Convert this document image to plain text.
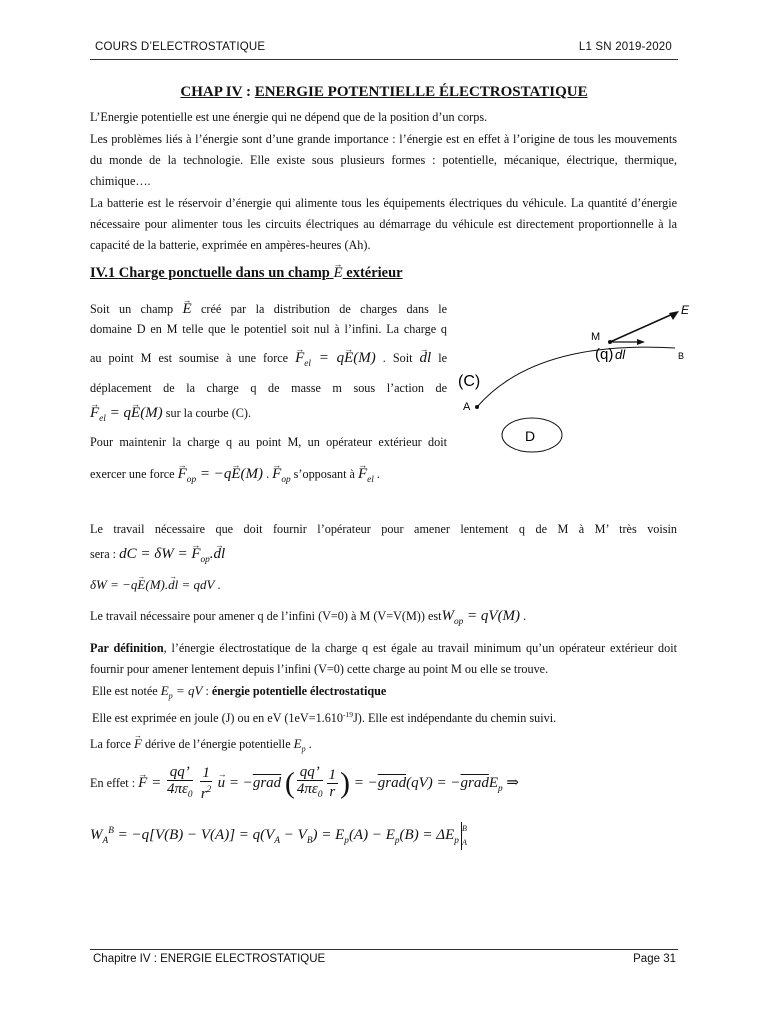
COURS D’ELECTROSTATIQUE	L1 SN 2019-2020
CHAP IV : ENERGIE POTENTIELLE ÉLECTROSTATIQUE
L’Energie potentielle est une énergie qui ne dépend que de la position d’un corps.
Les problèmes liés à l’énergie sont d’une grande importance : l’énergie est en effet à l’origine de tous les mouvements du monde de la technologie. Elle existe sous plusieurs formes : potentielle, mécanique, électrique, thermique, chimique….
La batterie est le réservoir d’énergie qui alimente tous les équipements électriques du véhicule. La quantité d’énergie nécessaire pour alimenter tous les circuits électriques au démarrage du véhicule est directement proportionnelle à la capacité de la batterie, exprimée en ampères-heures (Ah).
IV.1 Charge ponctuelle dans un champ → E extérieur
Soit un champ → E créé par la distribution de charges dans le
domaine D en M telle que le potentiel soit nul à l’infini. La charge q
au point M est soumise à une force → $F_{el} = q\to E(M)$ . Soit → dl le
déplacement de la charge q de masse m sous l’action de
→ $F_{el} = q\to E(M)$ sur la courbe (C).
Pour maintenir la charge q au point M, un opérateur extérieur doit
exercer une force → $F_{op} = -q\to E(M)$ . → $F_{op}$ s’opposant à → $F_{el}$ .
M
(q) dl	B
E
(C)
A
D
Le travail nécessaire que doit fournir l’opérateur pour amener lentement q de M à M’ très voisin
sera : dC = δW = → $F_{op}.\to$ dl
δW = −q→ E(M).→ dl = qdV .
Le travail nécessaire pour amener q de l’infini (V=0) à M (V=V(M)) estW$_{op}$ = qV(M) .
Par définition, l’énergie électrostatique de la charge q est égale au travail minimum qu’un opérateur extérieur doit fournir pour amener lentement depuis l’infini (V=0) cette charge au point M ou elle se trouve.
Elle est notée $E_p$ = qV : énergie potentielle électrostatique
Elle est exprimée en joule (J) ou en eV $(1eV=1.610^{-19}J)$. Elle est indépendante du chemin suivi.
La force → F dérive de l’énergie potentielle $E_p$ .
En effet : → $F = \frac{qq’}{4\pi\varepsilon_0}$
$\frac{1}{r^2} \to u$ = −grad ( $\frac{qq’}{4\pi\varepsilon_0} \frac{1}{r}$ ) = −grad(qV) = −gradE$_p$ ⇒
$W_A^B = -q[V(B) - V(A)] = q(V_A - V_B) = E_p(A) - E_p(B) = \Delta E_pB$
A
Chapitre IV : ENERGIE ELECTROSTATIQUE	Page 31
